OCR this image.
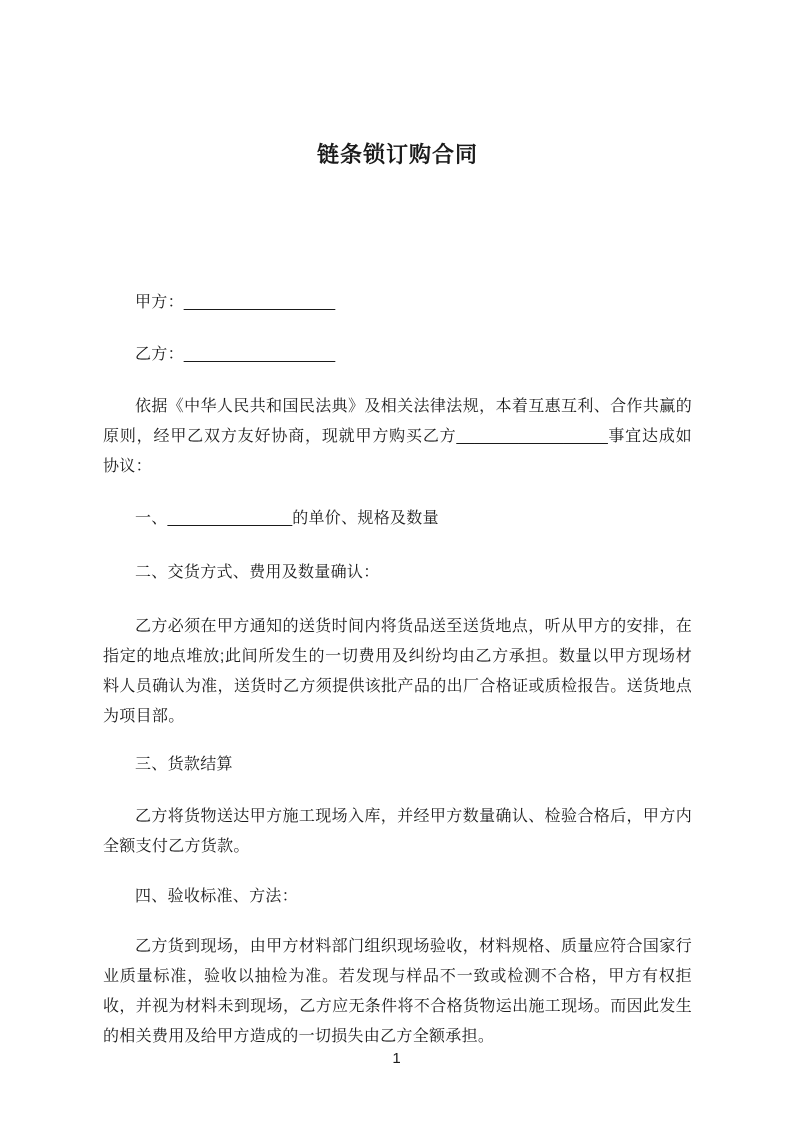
链条锁订购合同

甲方：_________________

乙方：_________________

依据《中华人民共和国民法典》及相关法律法规，本着互惠互利、合作共赢的原则，经甲乙双方友好协商，现就甲方购买乙方_________________事宜达成如协议：

一、______________的单价、规格及数量

二、交货方式、费用及数量确认：

乙方必须在甲方通知的送货时间内将货品送至送货地点，听从甲方的安排，在指定的地点堆放;此间所发生的一切费用及纠纷均由乙方承担。数量以甲方现场材料人员确认为准，送货时乙方须提供该批产品的出厂合格证或质检报告。送货地点为项目部。

三、货款结算

乙方将货物送达甲方施工现场入库，并经甲方数量确认、检验合格后，甲方内全额支付乙方货款。

四、验收标准、方法：

乙方货到现场，由甲方材料部门组织现场验收，材料规格、质量应符合国家行业质量标准，验收以抽检为准。若发现与样品不一致或检测不合格，甲方有权拒收，并视为材料未到现场，乙方应无条件将不合格货物运出施工现场。而因此发生的相关费用及给甲方造成的一切损失由乙方全额承担。

1
